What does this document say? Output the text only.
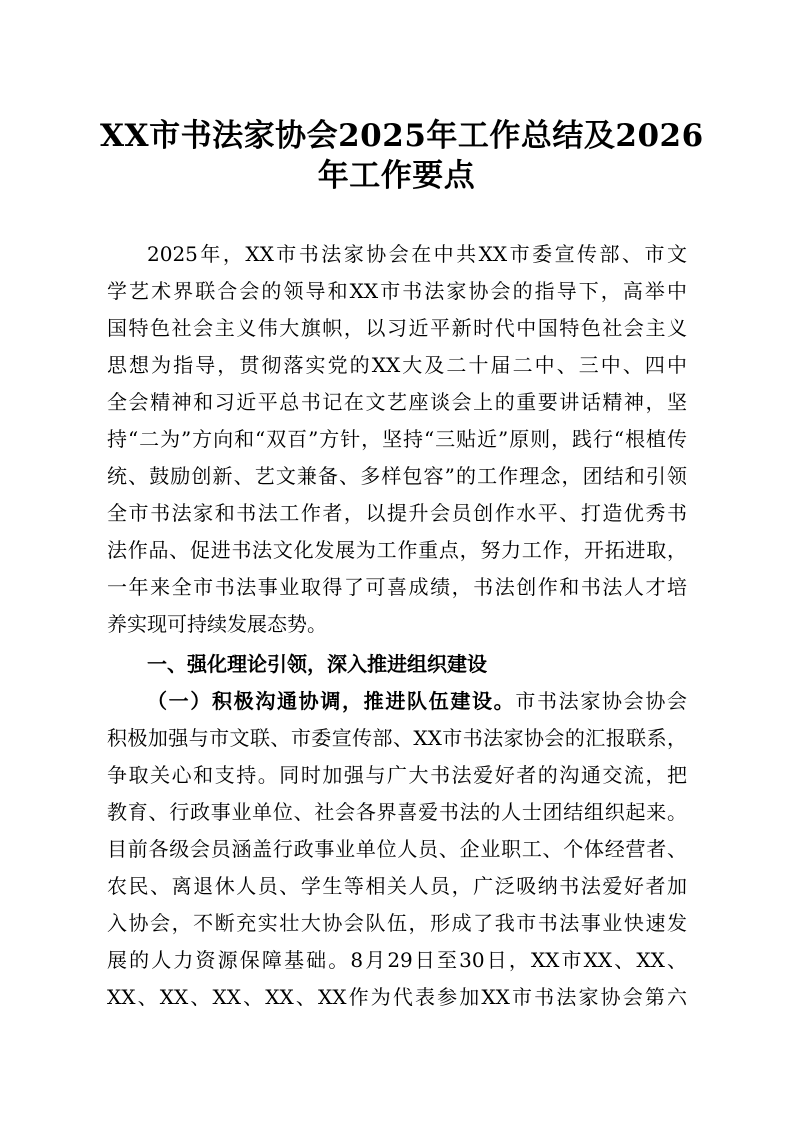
XX市书法家协会2025年工作总结及2026
年工作要点
2025年，XX市书法家协会在中共XX市委宣传部、市文
学艺术界联合会的领导和XX市书法家协会的指导下，高举中
国特色社会主义伟大旗帜，以习近平新时代中国特色社会主义
思想为指导，贯彻落实党的XX大及二十届二中、三中、四中
全会精神和习近平总书记在文艺座谈会上的重要讲话精神，坚
持“二为”方向和“双百”方针，坚持“三贴近”原则，践行“根植传
统、鼓励创新、艺文兼备、多样包容”的工作理念，团结和引领
全市书法家和书法工作者，以提升会员创作水平、打造优秀书
法作品、促进书法文化发展为工作重点，努力工作，开拓进取，
一年来全市书法事业取得了可喜成绩，书法创作和书法人才培
养实现可持续发展态势。
一、强化理论引领，深入推进组织建设
（一）积极沟通协调，推进队伍建设。市书法家协会协会
积极加强与市文联、市委宣传部、XX市书法家协会的汇报联系，
争取关心和支持。同时加强与广大书法爱好者的沟通交流，把
教育、行政事业单位、社会各界喜爱书法的人士团结组织起来。
目前各级会员涵盖行政事业单位人员、企业职工、个体经营者、
农民、离退休人员、学生等相关人员，广泛吸纳书法爱好者加
入协会，不断充实壮大协会队伍，形成了我市书法事业快速发
展的人力资源保障基础。8月29日至30日，XX市XX、XX、
XX、XX、XX、XX、XX作为代表参加XX市书法家协会第六
